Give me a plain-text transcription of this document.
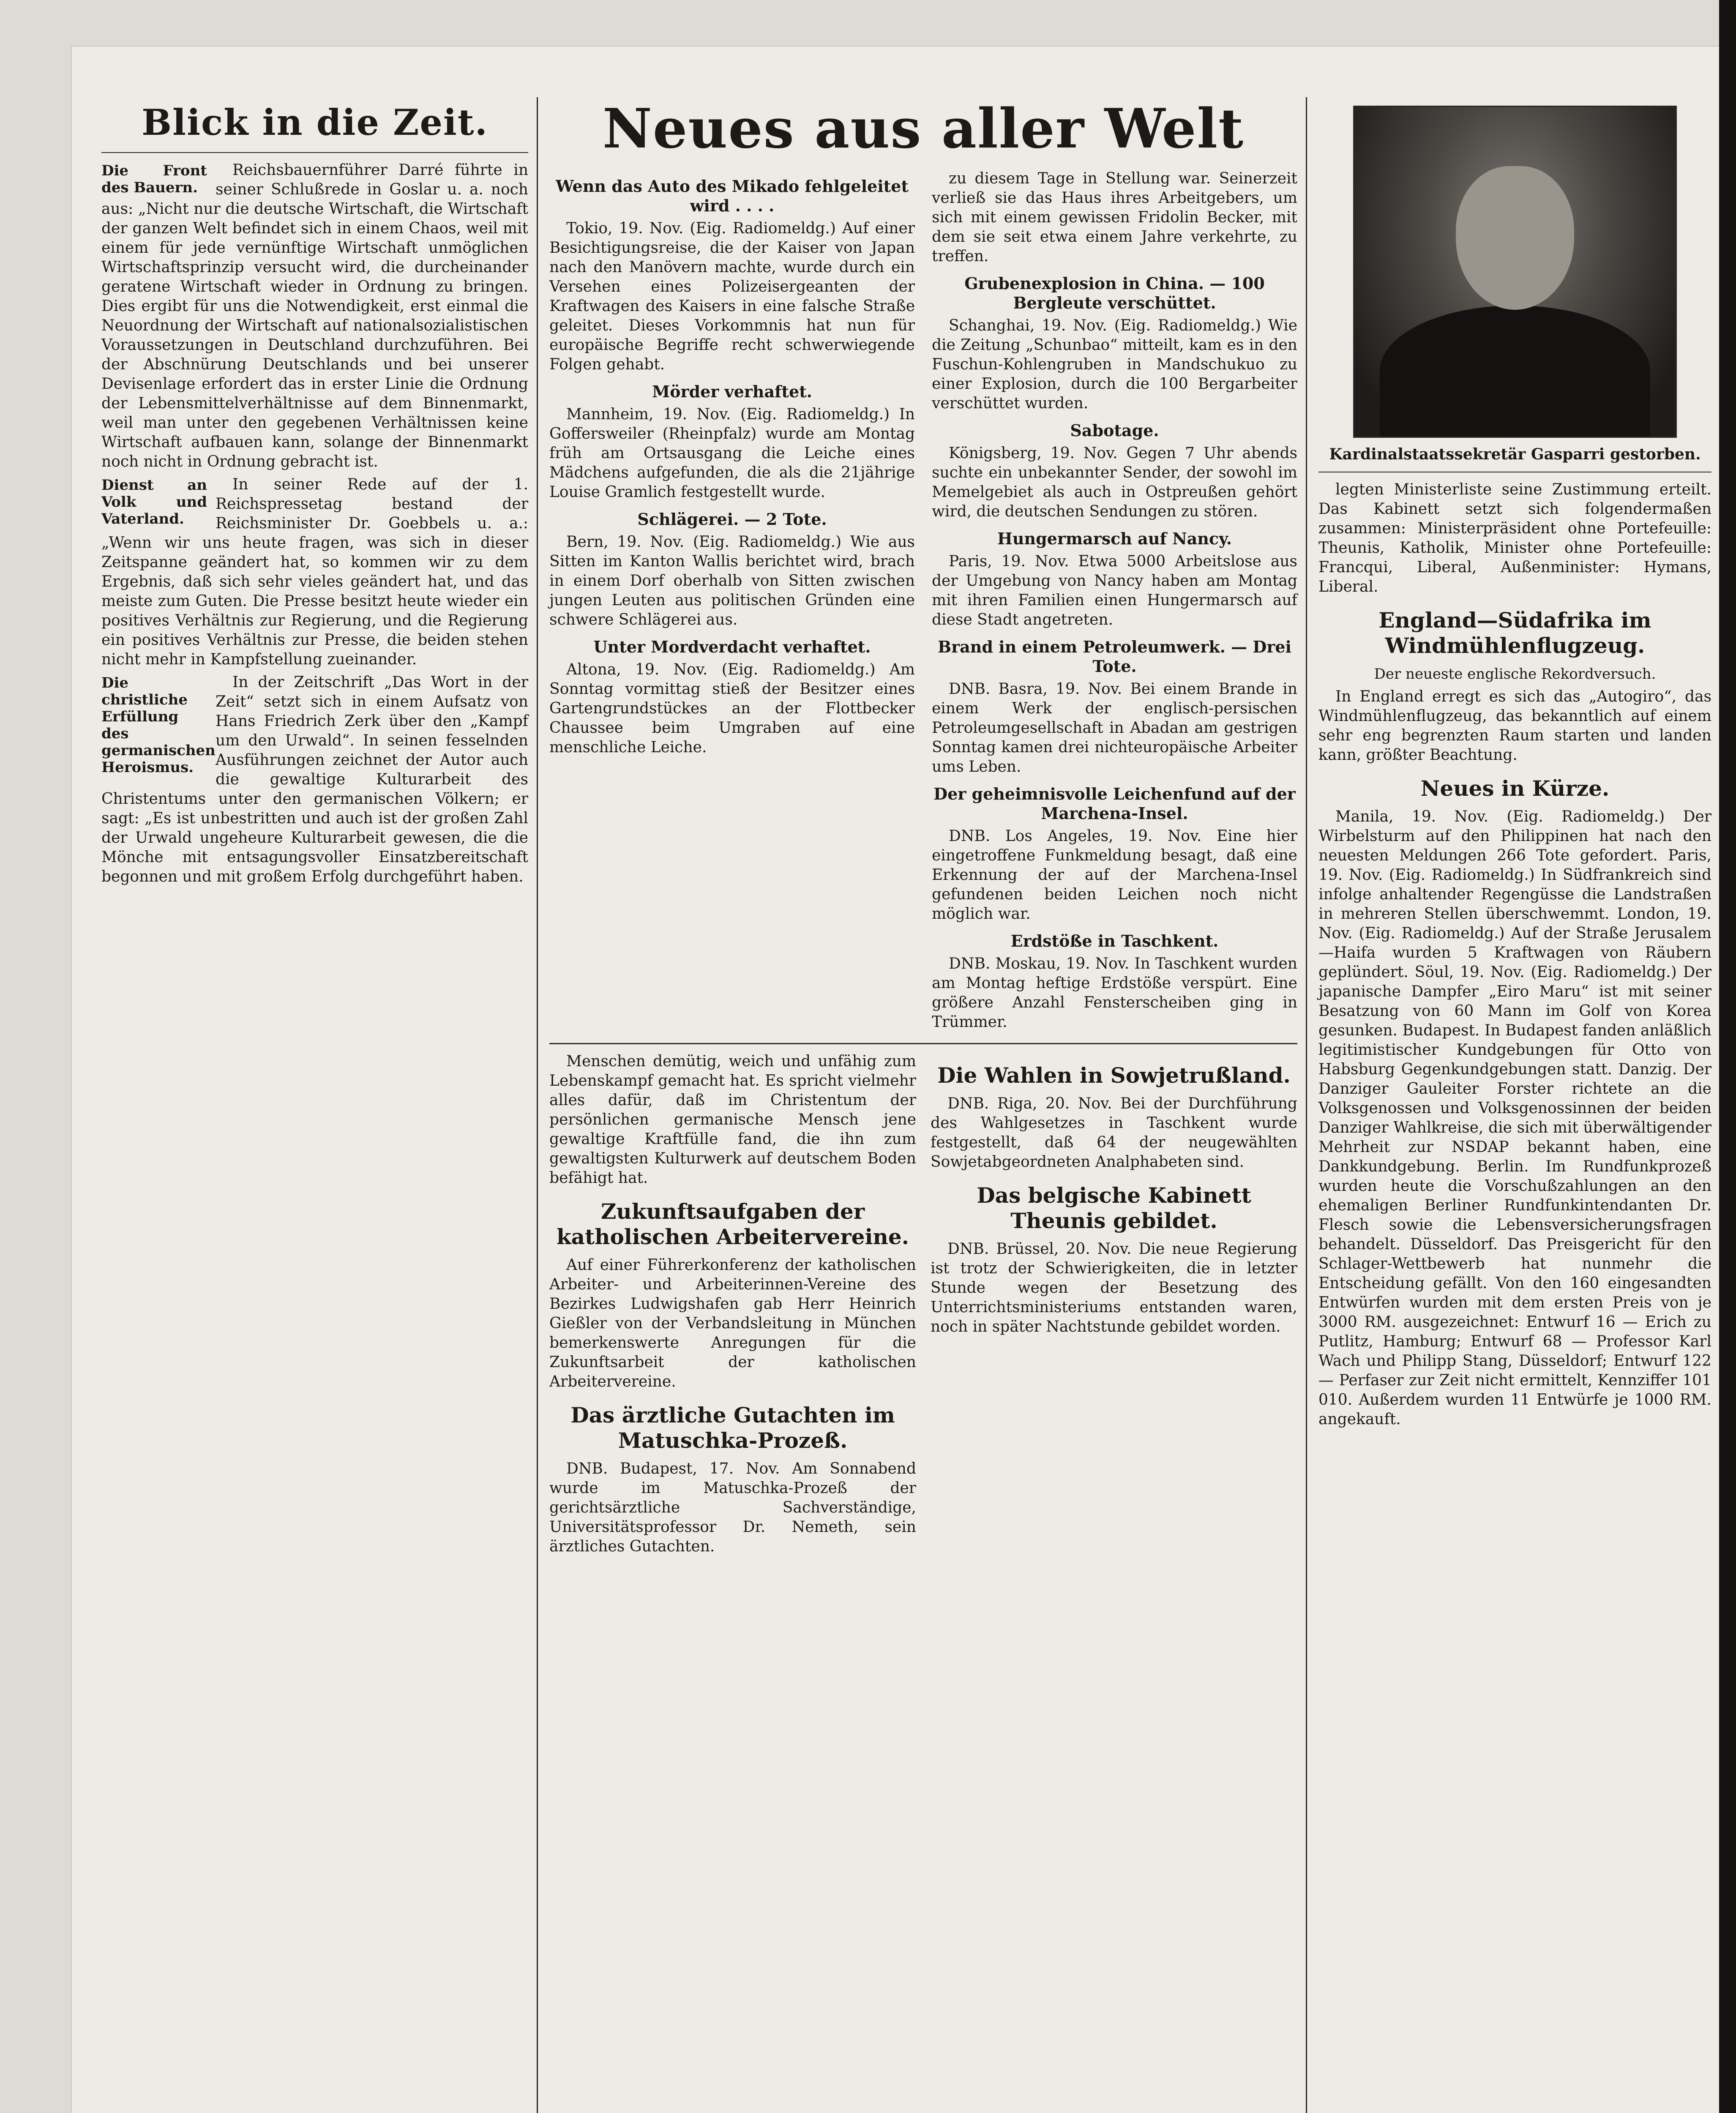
Blick in die Zeit.

Die Front des Bauern.
Reichsbauernführer Darré führte in seiner Schlußrede in Goslar u. a. noch aus: „Nicht nur die deutsche Wirtschaft, die Wirtschaft der ganzen Welt befindet sich in einem Chaos, weil mit einem für jede vernünftige Wirtschaft unmöglichen Wirtschaftsprinzip versucht wird, die durcheinander geratene Wirtschaft wieder in Ordnung zu bringen. Dies ergibt für uns die Notwendigkeit, erst einmal die Neuordnung der Wirtschaft auf nationalsozialistischen Voraussetzungen in Deutschland durchzuführen. Bei der Abschnürung Deutschlands und bei unserer Devisenlage erfordert das in erster Linie die Ordnung der Lebensmittelverhältnisse auf dem Binnenmarkt, weil man unter den gegebenen Verhältnissen keine Wirtschaft aufbauen kann, solange der Binnenmarkt noch nicht in Ordnung gebracht ist.

Dienst an Volk und Vaterland.
In seiner Rede auf der 1. Reichspressetag bestand der Reichsminister Dr. Goebbels u. a.: „Wenn wir uns heute fragen, was sich in dieser Zeitspanne geändert hat, so kommen wir zu dem Ergebnis, daß sich sehr vieles geändert hat, und das meiste zum Guten. Die Presse besitzt heute wieder ein positives Verhältnis zur Regierung, und die Regierung ein positives Verhältnis zur Presse, die beiden stehen nicht mehr in Kampfstellung zueinander.

Die christliche Erfüllung des germanischen Heroismus.
In der Zeitschrift „Das Wort in der Zeit“ setzt sich in einem Aufsatz von Hans Friedrich Zerk über den „Kampf um den Urwald“. In seinen fesselnden Ausführungen zeichnet der Autor auch die gewaltige Kulturarbeit des Christentums unter den germanischen Völkern; er sagt: „Es ist unbestritten und auch ist der großen Zahl der Urwald ungeheure Kulturarbeit gewesen, die die Mönche mit entsagungsvoller Einsatzbereitschaft begonnen und mit großem Erfolg durchgeführt haben.

Neues aus aller Welt
Wenn das Auto des Mikado fehlgeleitet wird . . . .

Tokio, 19. Nov. (Eig. Radiomeldg.) Auf einer Besichtigungsreise, die der Kaiser von Japan nach den Manövern machte, wurde durch ein Versehen eines Polizeisergeanten der Kraftwagen des Kaisers in eine falsche Straße geleitet. Dieses Vorkommnis hat nun für europäische Begriffe recht schwerwiegende Folgen gehabt.

Mörder verhaftet.

Mannheim, 19. Nov. (Eig. Radiomeldg.) In Goffersweiler (Rheinpfalz) wurde am Montag früh am Ortsausgang die Leiche eines Mädchens aufgefunden, die als die 21jährige Louise Gramlich festgestellt wurde.

Schlägerei. — 2 Tote.

Bern, 19. Nov. (Eig. Radiomeldg.) Wie aus Sitten im Kanton Wallis berichtet wird, brach in einem Dorf oberhalb von Sitten zwischen jungen Leuten aus politischen Gründen eine schwere Schlägerei aus.

Unter Mordverdacht verhaftet.

Altona, 19. Nov. (Eig. Radiomeldg.) Am Sonntag vormittag stieß der Besitzer eines Gartengrundstückes an der Flottbecker Chaussee beim Umgraben auf eine menschliche Leiche.

zu diesem Tage in Stellung war. Seinerzeit verließ sie das Haus ihres Arbeitgebers, um sich mit einem gewissen Fridolin Becker, mit dem sie seit etwa einem Jahre verkehrte, zu treffen.

Grubenexplosion in China. — 100 Bergleute verschüttet.

Schanghai, 19. Nov. (Eig. Radiomeldg.) Wie die Zeitung „Schunbao“ mitteilt, kam es in den Fuschun-Kohlengruben in Mandschukuo zu einer Explosion, durch die 100 Bergarbeiter verschüttet wurden.

Sabotage.

Königsberg, 19. Nov. Gegen 7 Uhr abends suchte ein unbekannter Sender, der sowohl im Memelgebiet als auch in Ostpreußen gehört wird, die deutschen Sendungen zu stören.

Hungermarsch auf Nancy.

Paris, 19. Nov. Etwa 5000 Arbeitslose aus der Umgebung von Nancy haben am Montag mit ihren Familien einen Hungermarsch auf diese Stadt angetreten.

Brand in einem Petroleumwerk. — Drei Tote.

DNB. Basra, 19. Nov. Bei einem Brande in einem Werk der englisch-persischen Petroleumgesellschaft in Abadan am gestrigen Sonntag kamen drei nichteuropäische Arbeiter ums Leben.

Der geheimnisvolle Leichenfund auf der Marchena-Insel.

DNB. Los Angeles, 19. Nov. Eine hier eingetroffene Funkmeldung besagt, daß eine Erkennung der auf der Marchena-Insel gefundenen beiden Leichen noch nicht möglich war.

Erdstöße in Taschkent.

DNB. Moskau, 19. Nov. In Taschkent wurden am Montag heftige Erdstöße verspürt. Eine größere Anzahl Fensterscheiben ging in Trümmer.

Menschen demütig, weich und unfähig zum Lebenskampf gemacht hat. Es spricht vielmehr alles dafür, daß im Christentum der persönlichen germanische Mensch jene gewaltige Kraftfülle fand, die ihn zum gewaltigsten Kulturwerk auf deutschem Boden befähigt hat.

Zukunftsaufgaben der katholischen Arbeitervereine.

Auf einer Führerkonferenz der katholischen Arbeiter- und Arbeiterinnen-Vereine des Bezirkes Ludwigshafen gab Herr Heinrich Gießler von der Verbandsleitung in München bemerkenswerte Anregungen für die Zukunftsarbeit der katholischen Arbeitervereine.

Das ärztliche Gutachten im Matuschka-Prozeß.

DNB. Budapest, 17. Nov. Am Sonnabend wurde im Matuschka-Prozeß der gerichtsärztliche Sachverständige, Universitätsprofessor Dr. Nemeth, sein ärztliches Gutachten.

Die Wahlen in Sowjetrußland.

DNB. Riga, 20. Nov. Bei der Durchführung des Wahlgesetzes in Taschkent wurde festgestellt, daß 64 der neugewählten Sowjetabgeordneten Analphabeten sind.

Das belgische Kabinett Theunis gebildet.

DNB. Brüssel, 20. Nov. Die neue Regierung ist trotz der Schwierigkeiten, die in letzter Stunde wegen der Besetzung des Unterrichtsministeriums entstanden waren, noch in später Nachtstunde gebildet worden.

Kardinalstaatssekretär Gasparri gestorben.

legten Ministerliste seine Zustimmung erteilt. Das Kabinett setzt sich folgendermaßen zusammen: Ministerpräsident ohne Portefeuille: Theunis, Katholik, Minister ohne Portefeuille: Francqui, Liberal, Außenminister: Hymans, Liberal.

England—Südafrika im Windmühlenflugzeug.
Der neueste englische Rekordversuch.

In England erregt es sich das „Autogiro“, das Windmühlenflugzeug, das bekanntlich auf einem sehr eng begrenzten Raum starten und landen kann, größter Beachtung.

Neues in Kürze.

Manila, 19. Nov. (Eig. Radiomeldg.) Der Wirbelsturm auf den Philippinen hat nach den neuesten Meldungen 266 Tote gefordert. Paris, 19. Nov. (Eig. Radiomeldg.) In Südfrankreich sind infolge anhaltender Regengüsse die Landstraßen in mehreren Stellen überschwemmt. London, 19. Nov. (Eig. Radiomeldg.) Auf der Straße Jerusalem—Haifa wurden 5 Kraftwagen von Räubern geplündert. Söul, 19. Nov. (Eig. Radiomeldg.) Der japanische Dampfer „Eiro Maru“ ist mit seiner Besatzung von 60 Mann im Golf von Korea gesunken. Budapest. In Budapest fanden anläßlich legitimistischer Kundgebungen für Otto von Habsburg Gegenkundgebungen statt. Danzig. Der Danziger Gauleiter Forster richtete an die Volksgenossen und Volksgenossinnen der beiden Danziger Wahlkreise, die sich mit überwältigender Mehrheit zur NSDAP bekannt haben, eine Dankkundgebung. Berlin. Im Rundfunkprozeß wurden heute die Vorschußzahlungen an den ehemaligen Berliner Rundfunkintendanten Dr. Flesch sowie die Lebensversicherungsfragen behandelt. Düsseldorf. Das Preisgericht für den Schlager-Wettbewerb hat nunmehr die Entscheidung gefällt. Von den 160 eingesandten Entwürfen wurden mit dem ersten Preis von je 3000 RM. ausgezeichnet: Entwurf 16 — Erich zu Putlitz, Hamburg; Entwurf 68 — Professor Karl Wach und Philipp Stang, Düsseldorf; Entwurf 122 — Perfaser zur Zeit nicht ermittelt, Kennziffer 101 010. Außerdem wurden 11 Entwürfe je 1000 RM. angekauft.
